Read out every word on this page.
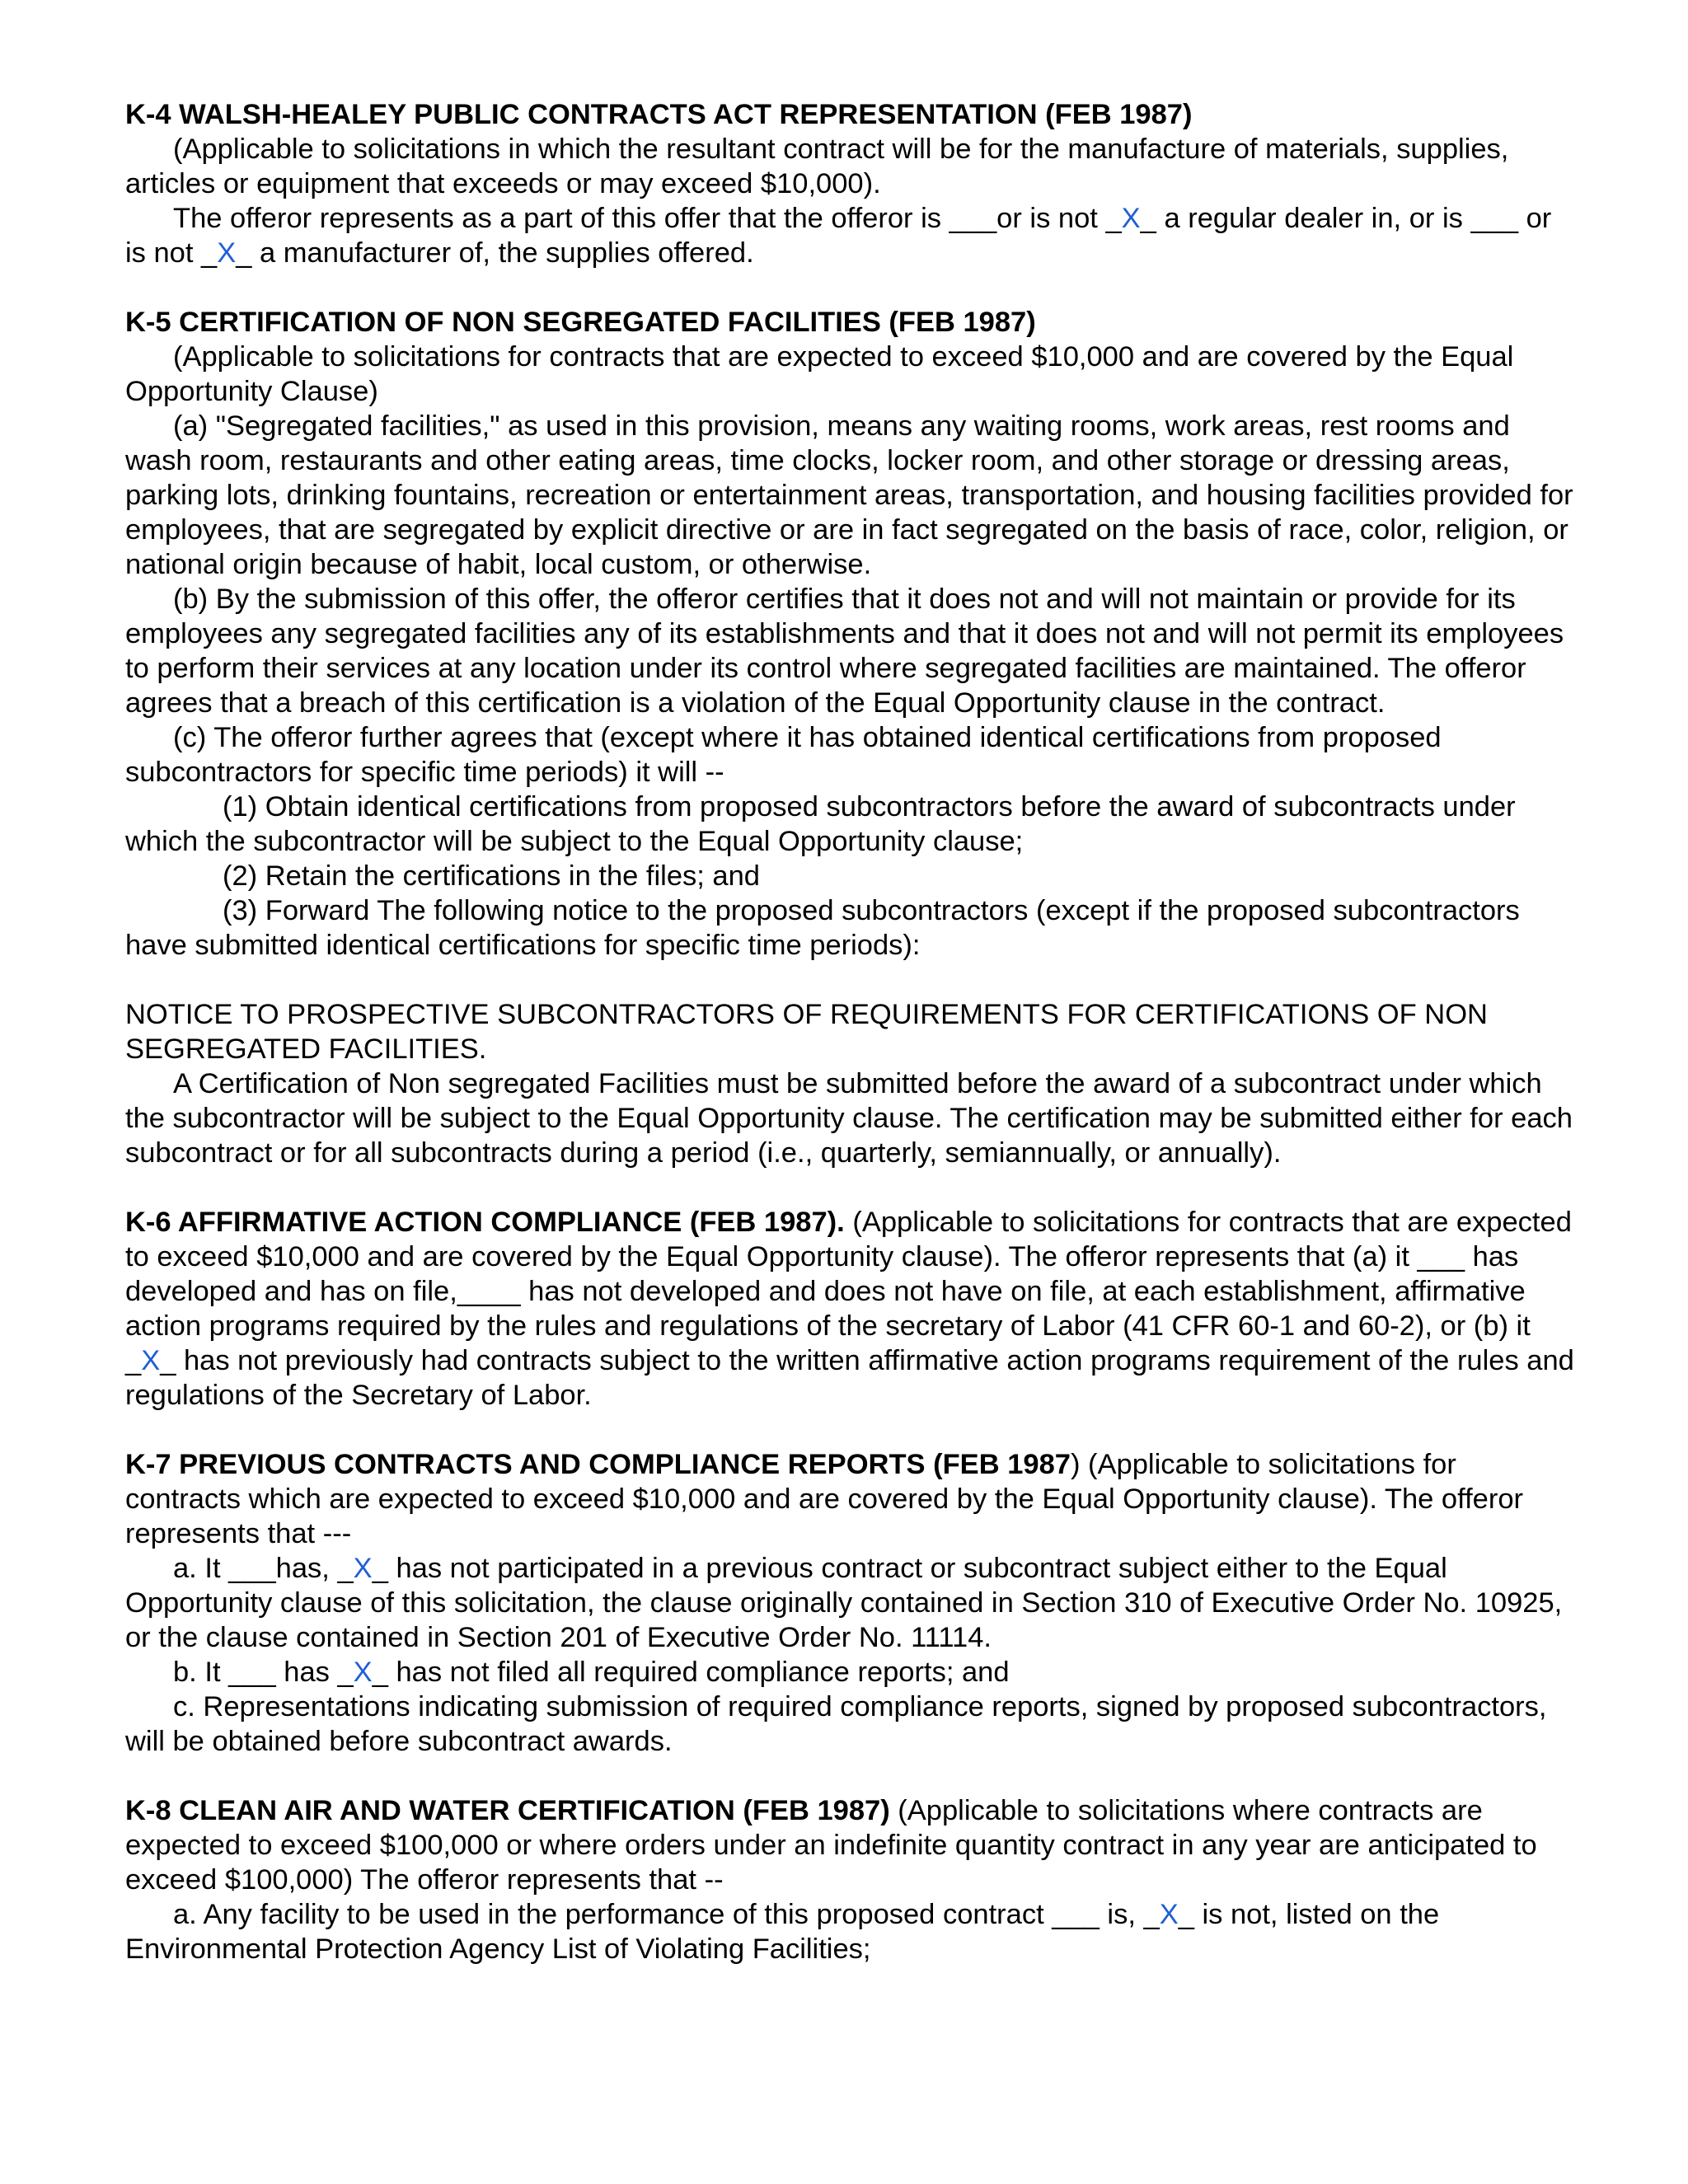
K-4 WALSH-HEALEY PUBLIC CONTRACTS ACT REPRESENTATION (FEB 1987)

(Applicable to solicitations in which the resultant contract will be for the manufacture of materials, supplies, articles or equipment that exceeds or may exceed $10,000).

The offeror represents as a part of this offer that the offeror is ___or is not _X_ a regular dealer in, or is ___ or is not _X_ a manufacturer of, the supplies offered.

K-5 CERTIFICATION OF NON SEGREGATED FACILITIES (FEB 1987)

(Applicable to solicitations for contracts that are expected to exceed $10,000 and are covered by the Equal Opportunity Clause)

(a) "Segregated facilities," as used in this provision, means any waiting rooms, work areas, rest rooms and wash room, restaurants and other eating areas, time clocks, locker room, and other storage or dressing areas, parking lots, drinking fountains, recreation or entertainment areas, transportation, and housing facilities provided for employees, that are segregated by explicit directive or are in fact segregated on the basis of race, color, religion, or national origin because of habit, local custom, or otherwise.

(b) By the submission of this offer, the offeror certifies that it does not and will not maintain or provide for its employees any segregated facilities any of its establishments and that it does not and will not permit its employees to perform their services at any location under its control where segregated facilities are maintained. The offeror agrees that a breach of this certification is a violation of the Equal Opportunity clause in the contract.

(c) The offeror further agrees that (except where it has obtained identical certifications from proposed subcontractors for specific time periods) it will --

(1) Obtain identical certifications from proposed subcontractors before the award of subcontracts under which the subcontractor will be subject to the Equal Opportunity clause;

(2) Retain the certifications in the files; and

(3) Forward The following notice to the proposed subcontractors (except if the proposed subcontractors have submitted identical certifications for specific time periods):

NOTICE TO PROSPECTIVE SUBCONTRACTORS OF REQUIREMENTS FOR CERTIFICATIONS OF NON SEGREGATED FACILITIES.

A Certification of Non segregated Facilities must be submitted before the award of a subcontract under which the subcontractor will be subject to the Equal Opportunity clause. The certification may be submitted either for each subcontract or for all subcontracts during a period (i.e., quarterly, semiannually, or annually).

K-6 AFFIRMATIVE ACTION COMPLIANCE (FEB 1987). (Applicable to solicitations for contracts that are expected to exceed $10,000 and are covered by the Equal Opportunity clause). The offeror represents that (a) it ___ has developed and has on file,____ has not developed and does not have on file, at each establishment, affirmative action programs required by the rules and regulations of the secretary of Labor (41 CFR 60-1 and 60-2), or (b) it _X_ has not previously had contracts subject to the written affirmative action programs requirement of the rules and regulations of the Secretary of Labor.

K-7 PREVIOUS CONTRACTS AND COMPLIANCE REPORTS (FEB 1987) (Applicable to solicitations for contracts which are expected to exceed $10,000 and are covered by the Equal Opportunity clause). The offeror represents that ---

a. It ___has, _X_ has not participated in a previous contract or subcontract subject either to the Equal Opportunity clause of this solicitation, the clause originally contained in Section 310 of Executive Order No. 10925, or the clause contained in Section 201 of Executive Order No. 11114.

b. It ___ has _X_ has not filed all required compliance reports; and

c. Representations indicating submission of required compliance reports, signed by proposed subcontractors, will be obtained before subcontract awards.

K-8 CLEAN AIR AND WATER CERTIFICATION (FEB 1987) (Applicable to solicitations where contracts are expected to exceed $100,000 or where orders under an indefinite quantity contract in any year are anticipated to exceed $100,000) The offeror represents that --

a. Any facility to be used in the performance of this proposed contract ___ is, _X_ is not, listed on the Environmental Protection Agency List of Violating Facilities;
